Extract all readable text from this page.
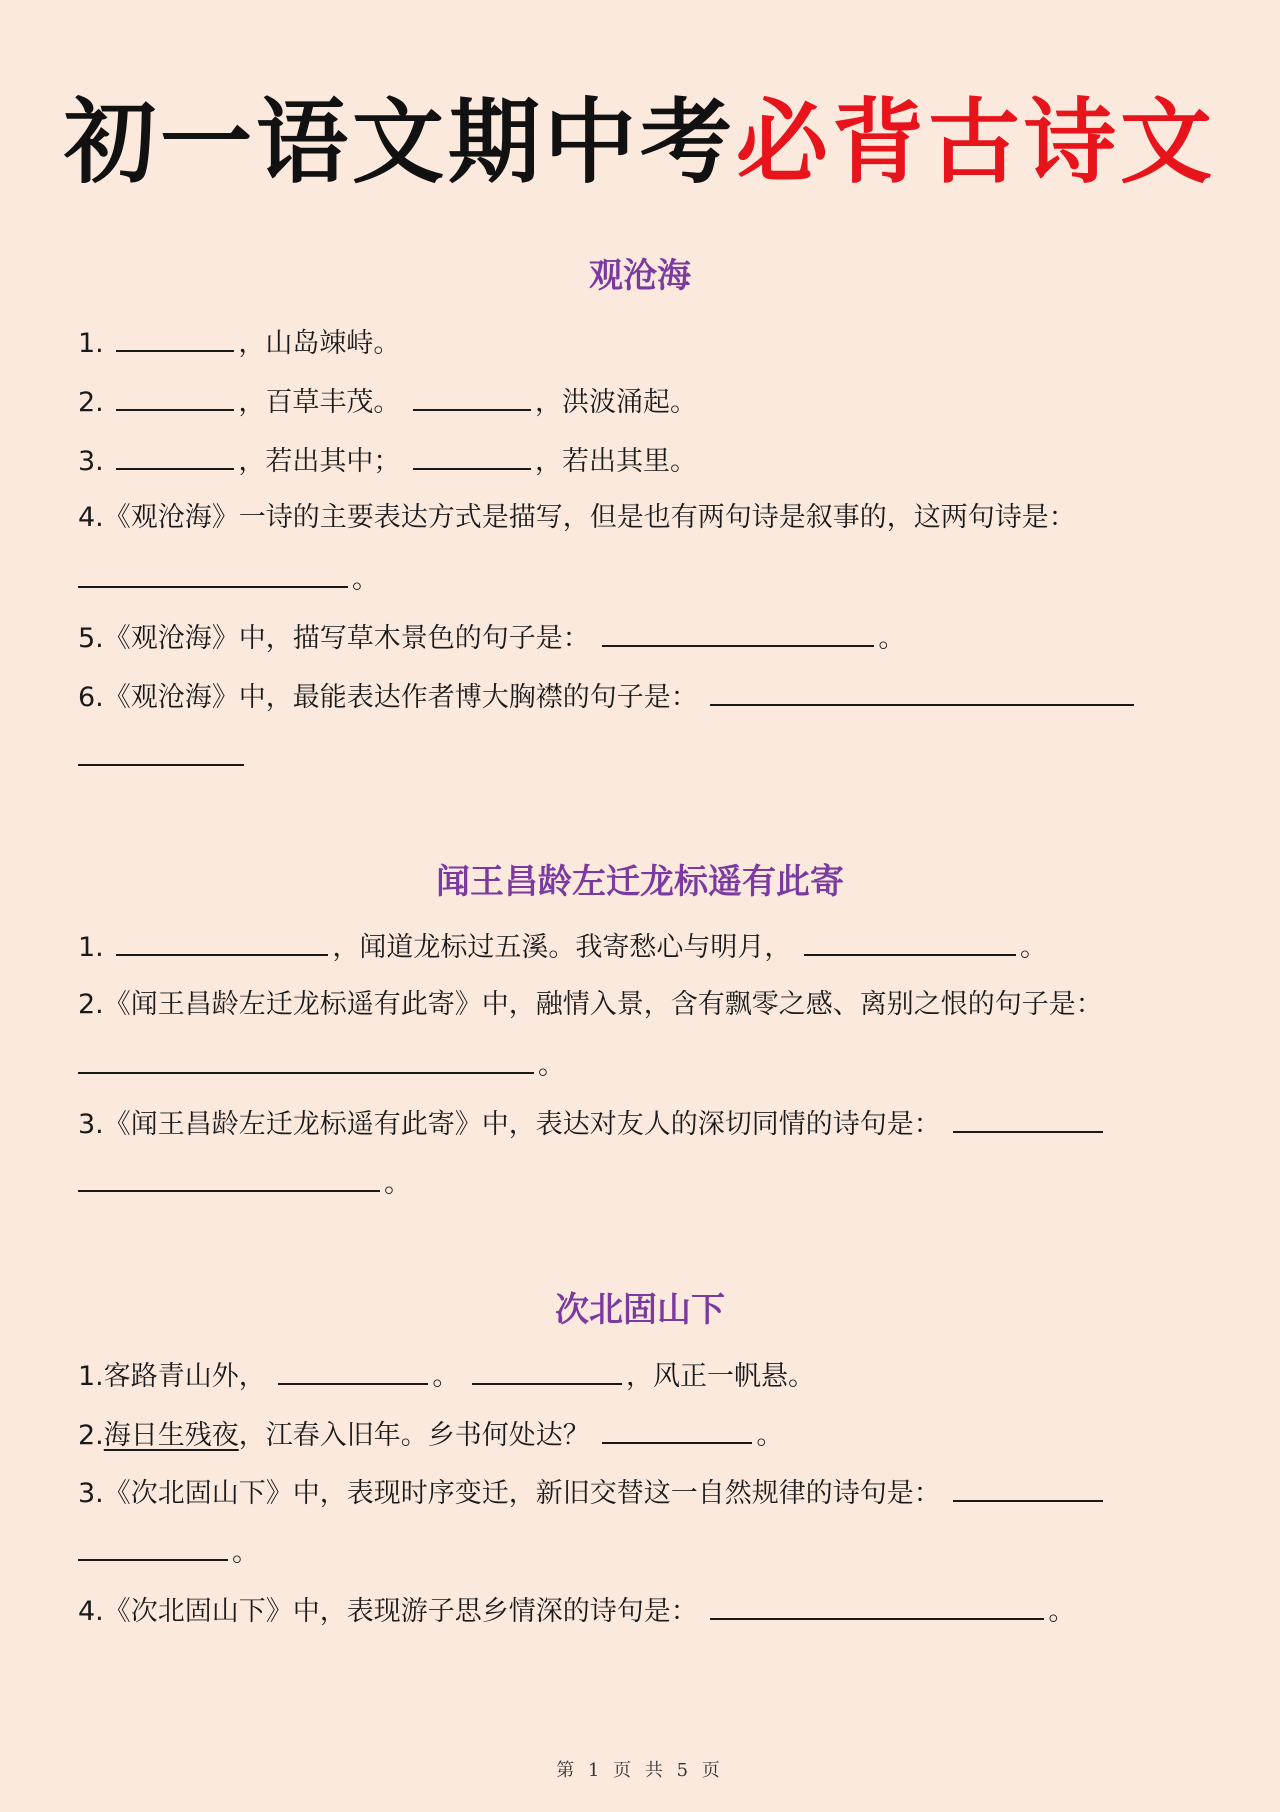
初一语文期中考必背古诗文
观沧海
1.	，山岛竦峙。
2.	，百草丰茂。	，洪波涌起。
3.	，若出其中；	，若出其里。
4.《观沧海》一诗的主要表达方式是描写，但是也有两句诗是叙事的，这两句诗是：
。
5.《观沧海》中，描写草木景色的句子是：	。
6.《观沧海》中，最能表达作者博大胸襟的句子是：
闻王昌龄左迁龙标遥有此寄
1.	，闻道龙标过五溪。我寄愁心与明月，	。
2.《闻王昌龄左迁龙标遥有此寄》中，融情入景，含有飘零之感、离别之恨的句子是：
。
3.《闻王昌龄左迁龙标遥有此寄》中，表达对友人的深切同情的诗句是：
。
次北固山下
1.客路青山外，	。	，风正一帆悬。
2.海日生残夜，江春入旧年。乡书何处达？	。
3.《次北固山下》中，表现时序变迁，新旧交替这一自然规律的诗句是：
。
4.《次北固山下》中，表现游子思乡情深的诗句是：	。
第 1 页 共 5 页
